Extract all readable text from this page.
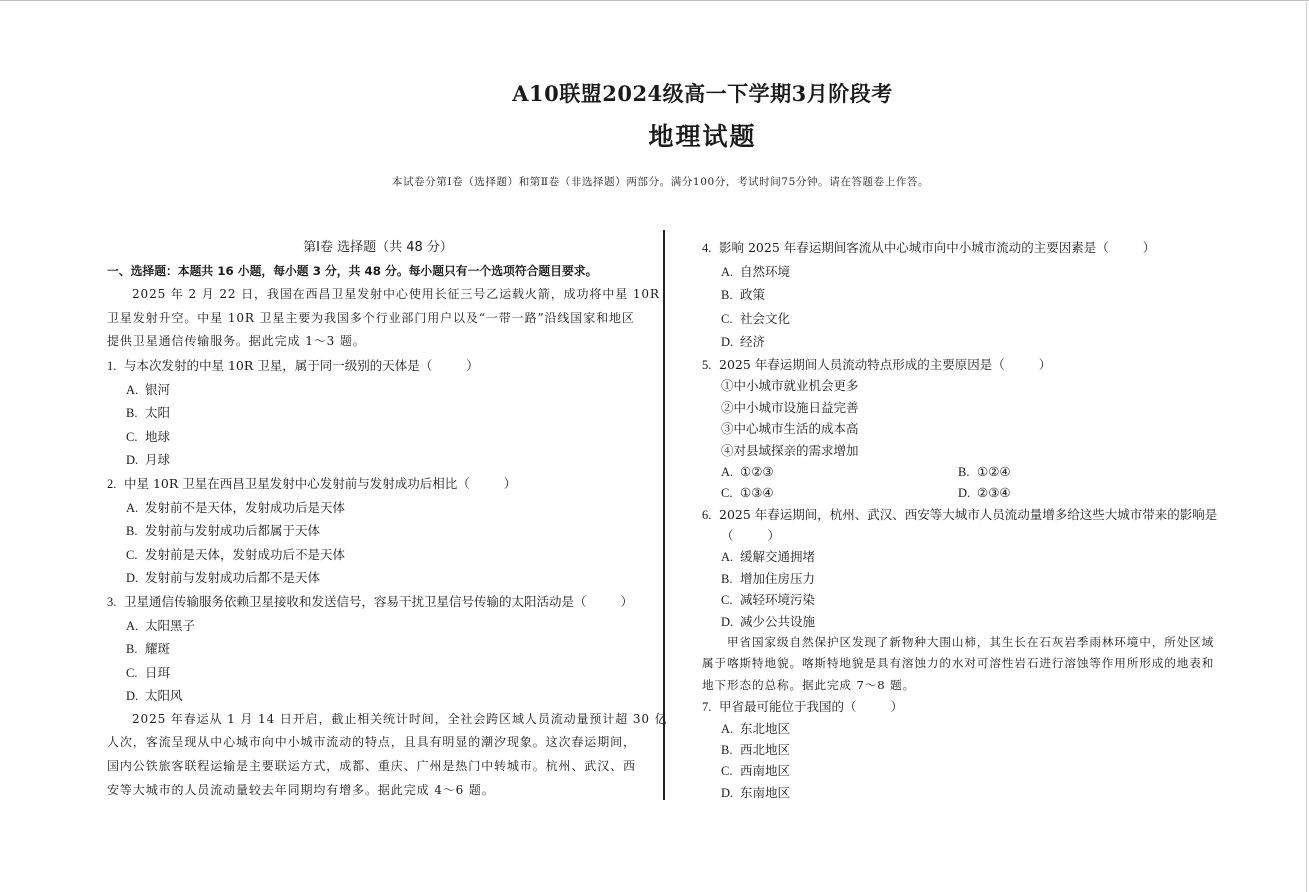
A10联盟2024级高一下学期3月阶段考
地理试题
本试卷分第Ⅰ卷（选择题）和第Ⅱ卷（非选择题）两部分。满分100分，考试时间75分钟。请在答题卷上作答。
第Ⅰ卷 选择题（共 48 分）
一、选择题：本题共 16 小题，每小题 3 分，共 48 分。每小题只有一个选项符合题目要求。
2025 年 2 月 22 日，我国在西昌卫星发射中心使用长征三号乙运载火箭，成功将中星 10R
卫星发射升空。中星 10R 卫星主要为我国多个行业部门用户以及“一带一路”沿线国家和地区
提供卫星通信传输服务。据此完成 1～3 题。
1. 与本次发射的中星 10R 卫星，属于同一级别的天体是（	）
A. 银河
B. 太阳
C. 地球
D. 月球
2. 中星 10R 卫星在西昌卫星发射中心发射前与发射成功后相比（	）
A. 发射前不是天体，发射成功后是天体
B. 发射前与发射成功后都属于天体
C. 发射前是天体，发射成功后不是天体
D. 发射前与发射成功后都不是天体
3. 卫星通信传输服务依赖卫星接收和发送信号，容易干扰卫星信号传输的太阳活动是（	）
A. 太阳黑子
B. 耀斑
C. 日珥
D. 太阳风
2025 年春运从 1 月 14 日开启，截止相关统计时间，全社会跨区域人员流动量预计超 30 亿
人次，客流呈现从中心城市向中小城市流动的特点，且具有明显的潮汐现象。这次春运期间，
国内公铁旅客联程运输是主要联运方式，成都、重庆、广州是热门中转城市。杭州、武汉、西
安等大城市的人员流动量较去年同期均有增多。据此完成 4～6 题。
4. 影响 2025 年春运期间客流从中心城市向中小城市流动的主要因素是（	）
A. 自然环境
B. 政策
C. 社会文化
D. 经济
5. 2025 年春运期间人员流动特点形成的主要原因是（	）
①中小城市就业机会更多
②中小城市设施日益完善
③中心城市生活的成本高
④对县域探亲的需求增加
A. ①②③	B. ①②④
C. ①③④	D. ②③④
6. 2025 年春运期间，杭州、武汉、西安等大城市人员流动量增多给这些大城市带来的影响是
（	）
A. 缓解交通拥堵
B. 增加住房压力
C. 减轻环境污染
D. 减少公共设施
甲省国家级自然保护区发现了新物种大围山柿，其生长在石灰岩季雨林环境中，所处区域
属于喀斯特地貌。喀斯特地貌是具有溶蚀力的水对可溶性岩石进行溶蚀等作用所形成的地表和
地下形态的总称。据此完成 7～8 题。
7. 甲省最可能位于我国的（	）
A. 东北地区
B. 西北地区
C. 西南地区
D. 东南地区
